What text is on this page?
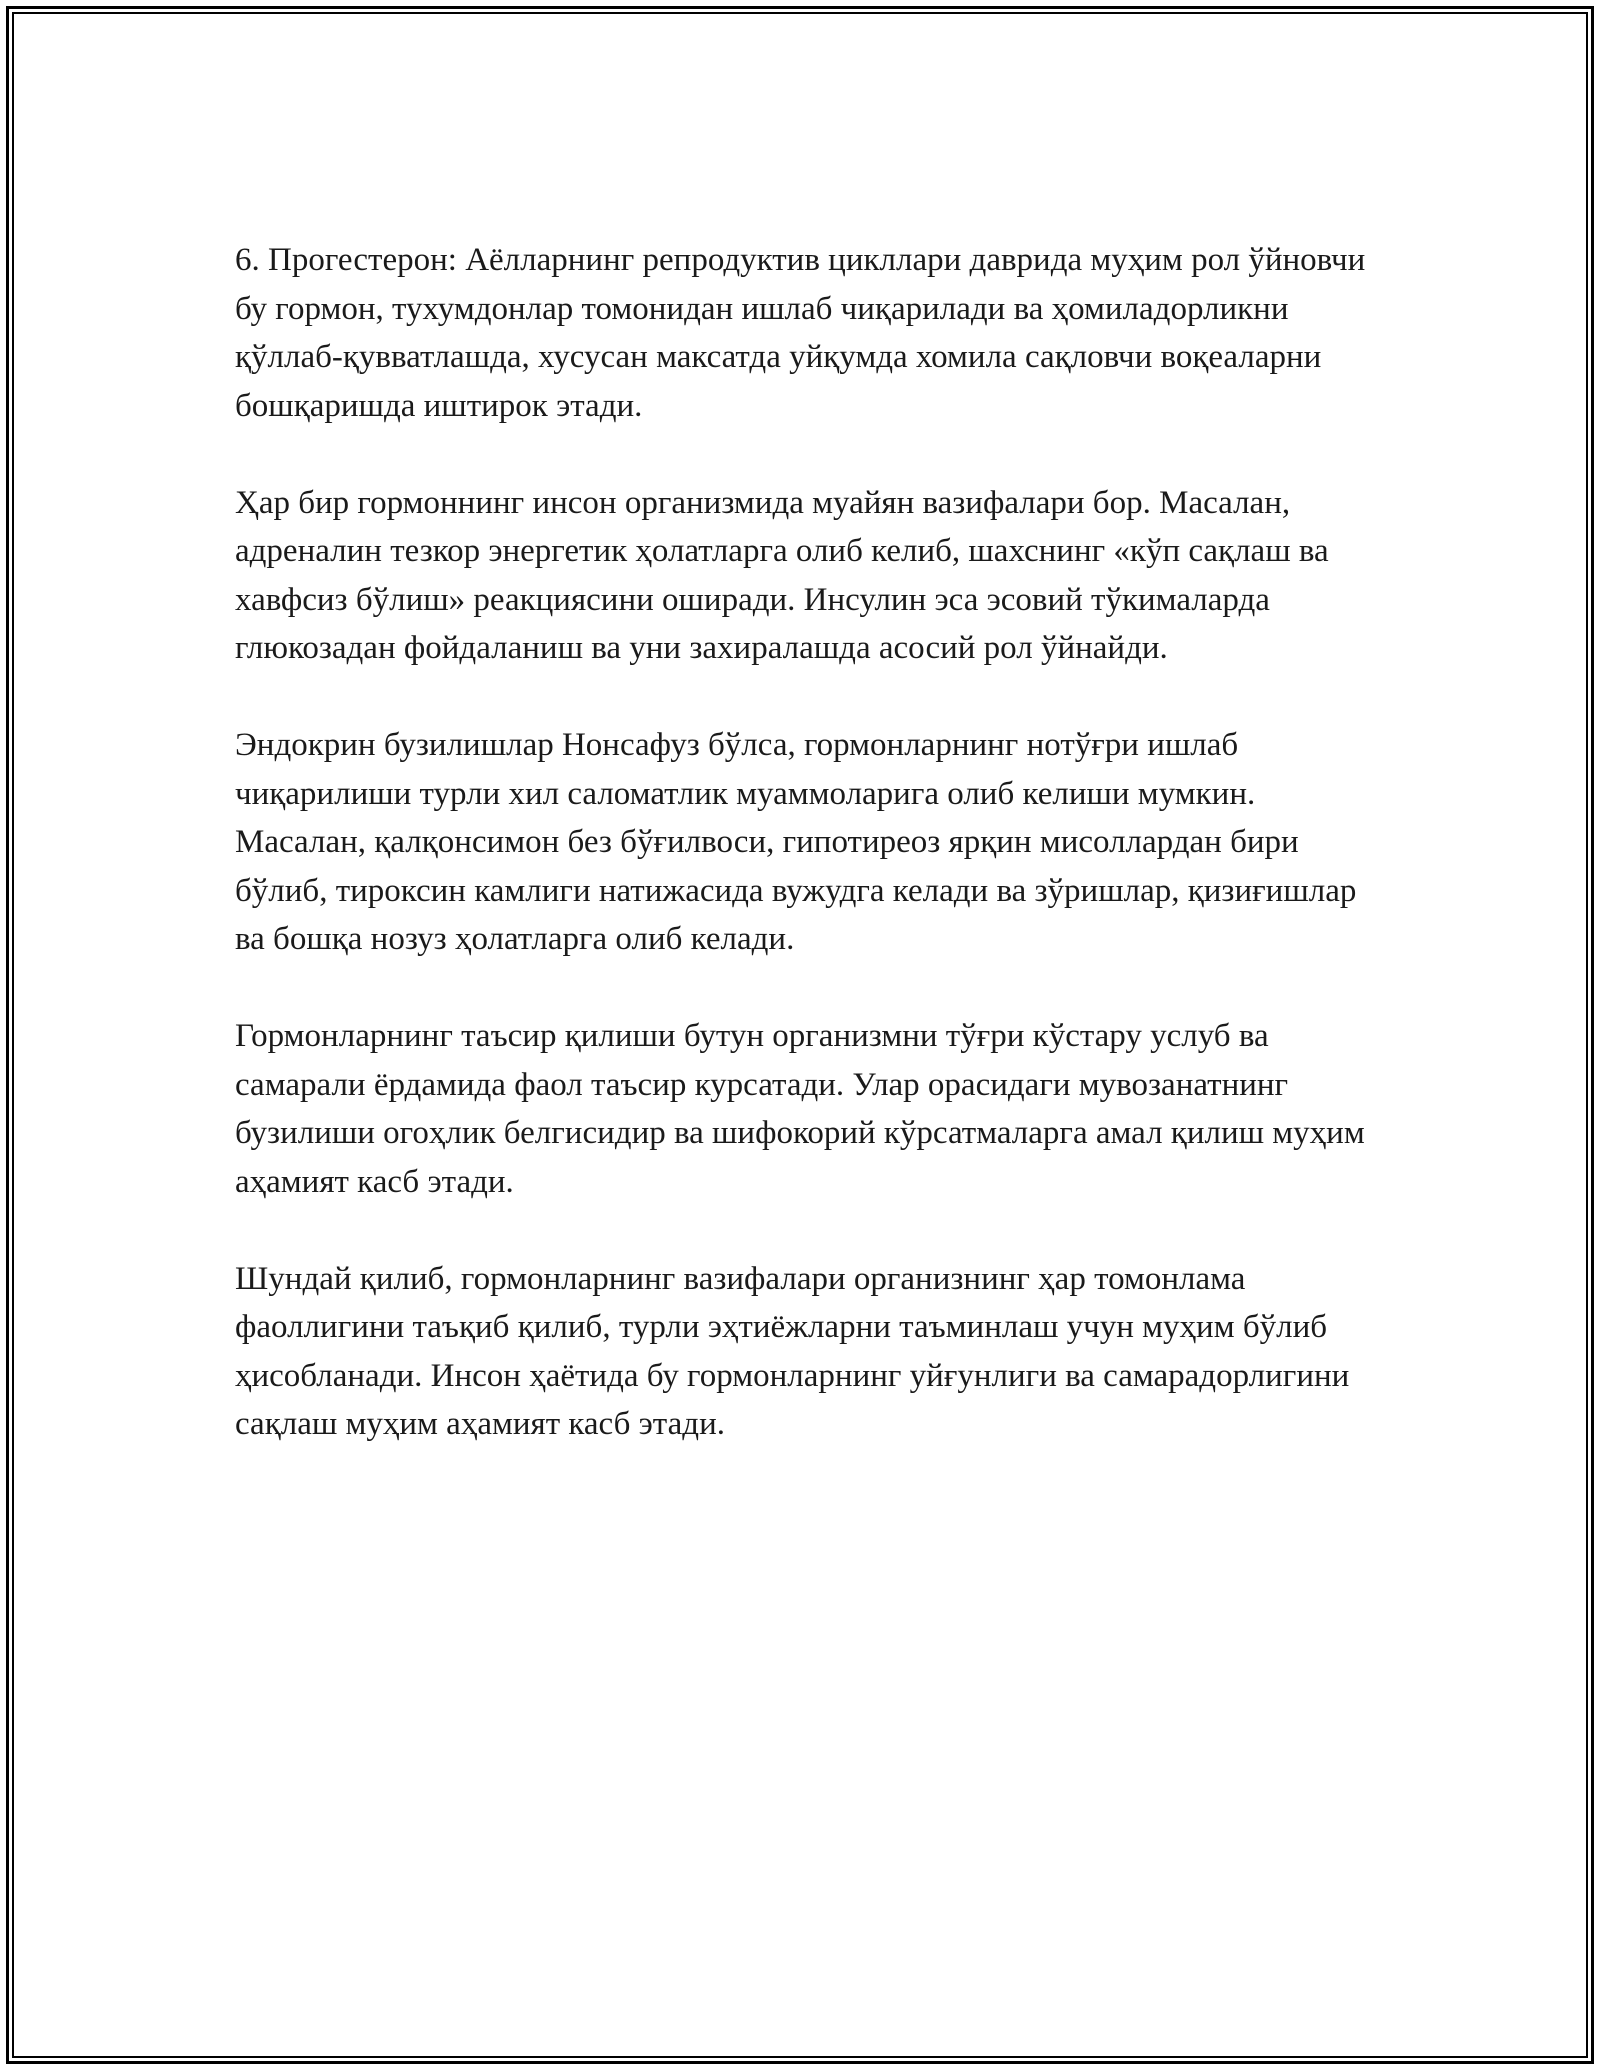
6. Прогестерон: Аёлларнинг репродуктив цикллари даврида муҳим рол ўйновчи бу гормон, тухумдонлар томонидан ишлаб чиқарилади ва ҳомиладорликни қўллаб-қувватлашда, хусусан максатда уйқумда хомила сақловчи воқеаларни бошқаришда иштирок этади.

Ҳар бир гормоннинг инсон организмида муайян вазифалари бор. Масалан, адреналин тезкор энергетик ҳолатларга олиб келиб, шахснинг «кўп сақлаш ва хавфсиз бўлиш» реакциясини оширади. Инсулин эса эсовий тўкималарда глюкозадан фойдаланиш ва уни захиралашда асосий рол ўйнайди.

Эндокрин бузилишлар Нонсафуз бўлса, гормонларнинг нотўғри ишлаб чиқарилиши турли хил саломатлик муаммоларига олиб келиши мумкин. Масалан, қалқонсимон без бўғилвоси, гипотиреоз ярқин мисоллардан бири бўлиб, тироксин камлиги натижасида вужудга келади ва зўришлар, қизиғишлар ва бошқа нозуз ҳолатларга олиб келади.

Гормонларнинг таъсир қилиши бутун организмни тўғри кўстару услуб ва самарали ёрдамида фаол таъсир курсатади. Улар орасидаги мувозанатнинг бузилиши огоҳлик белгисидир ва шифокорий кўрсатмаларга амал қилиш муҳим аҳамият касб этади.

Шундай қилиб, гормонларнинг вазифалари организнинг ҳар томонлама фаоллигини таъқиб қилиб, турли эҳтиёжларни таъминлаш учун муҳим бўлиб ҳисобланади. Инсон ҳаётида бу гормонларнинг уйғунлиги ва самарадорлигини сақлаш муҳим аҳамият касб этади.
